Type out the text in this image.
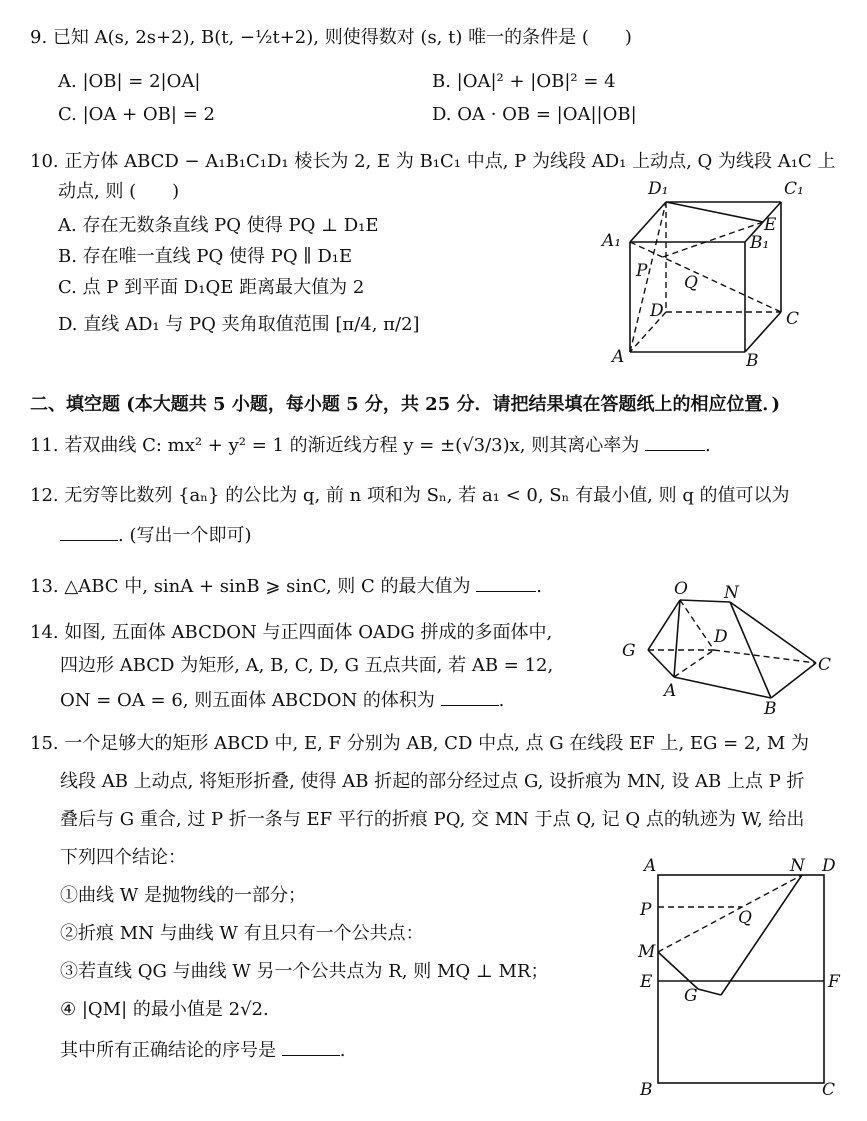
9. 已知 A(s, 2s+2), B(t, −½t+2), 则使得数对 (s, t) 唯一的条件是 (　　)
A. |OB| = 2|OA|	B. |OA|² + |OB|² = 4
C. |OA + OB| = 2	D. OA · OB = |OA||OB|
10. 正方体 ABCD − A₁B₁C₁D₁ 棱长为 2, E 为 B₁C₁ 中点, P 为线段 AD₁ 上动点, Q 为线段 A₁C 上
动点, 则 (　　)
A. 存在无数条直线 PQ 使得 PQ ⊥ D₁E
B. 存在唯一直线 PQ 使得 PQ ∥ D₁E
C. 点 P 到平面 D₁QE 距离最大值为 2
D. 直线 AD₁ 与 PQ 夹角取值范围 [π/4, π/2]
D₁	C₁
E
A₁	B₁
P
Q
D	C
A	B
二、填空题 (本大题共 5 小题，每小题 5 分，共 25 分．请把结果填在答题纸上的相应位置．)
11. 若双曲线 C: mx² + y² = 1 的渐近线方程 y = ±(√3/3)x, 则其离心率为	.
12. 无穷等比数列 {aₙ} 的公比为 q, 前 n 项和为 Sₙ, 若 a₁ < 0, Sₙ 有最小值, 则 q 的值可以为
. (写出一个即可)
13. △ABC 中, sinA + sinB ⩾ sinC, 则 C 的最大值为	.
14. 如图, 五面体 ABCDON 与正四面体 OADG 拼成的多面体中,
四边形 ABCD 为矩形, A, B, C, D, G 五点共面, 若 AB = 12,
ON = OA = 6, 则五面体 ABCDON 的体积为	.
O N
D
G
C
A
B
15. 一个足够大的矩形 ABCD 中, E, F 分别为 AB, CD 中点, 点 G 在线段 EF 上, EG = 2, M 为
线段 AB 上动点, 将矩形折叠, 使得 AB 折起的部分经过点 G, 设折痕为 MN, 设 AB 上点 P 折
叠后与 G 重合, 过 P 折一条与 EF 平行的折痕 PQ, 交 MN 于点 Q, 记 Q 点的轨迹为 W, 给出
下列四个结论：
①曲线 W 是抛物线的一部分；
②折痕 MN 与曲线 W 有且只有一个公共点：
③若直线 QG 与曲线 W 另一个公共点为 R, 则 MQ ⊥ MR；
④ |QM| 的最小值是 2√2.
其中所有正确结论的序号是	.
A	N D
P	Q
M
E
G
F
B	C
